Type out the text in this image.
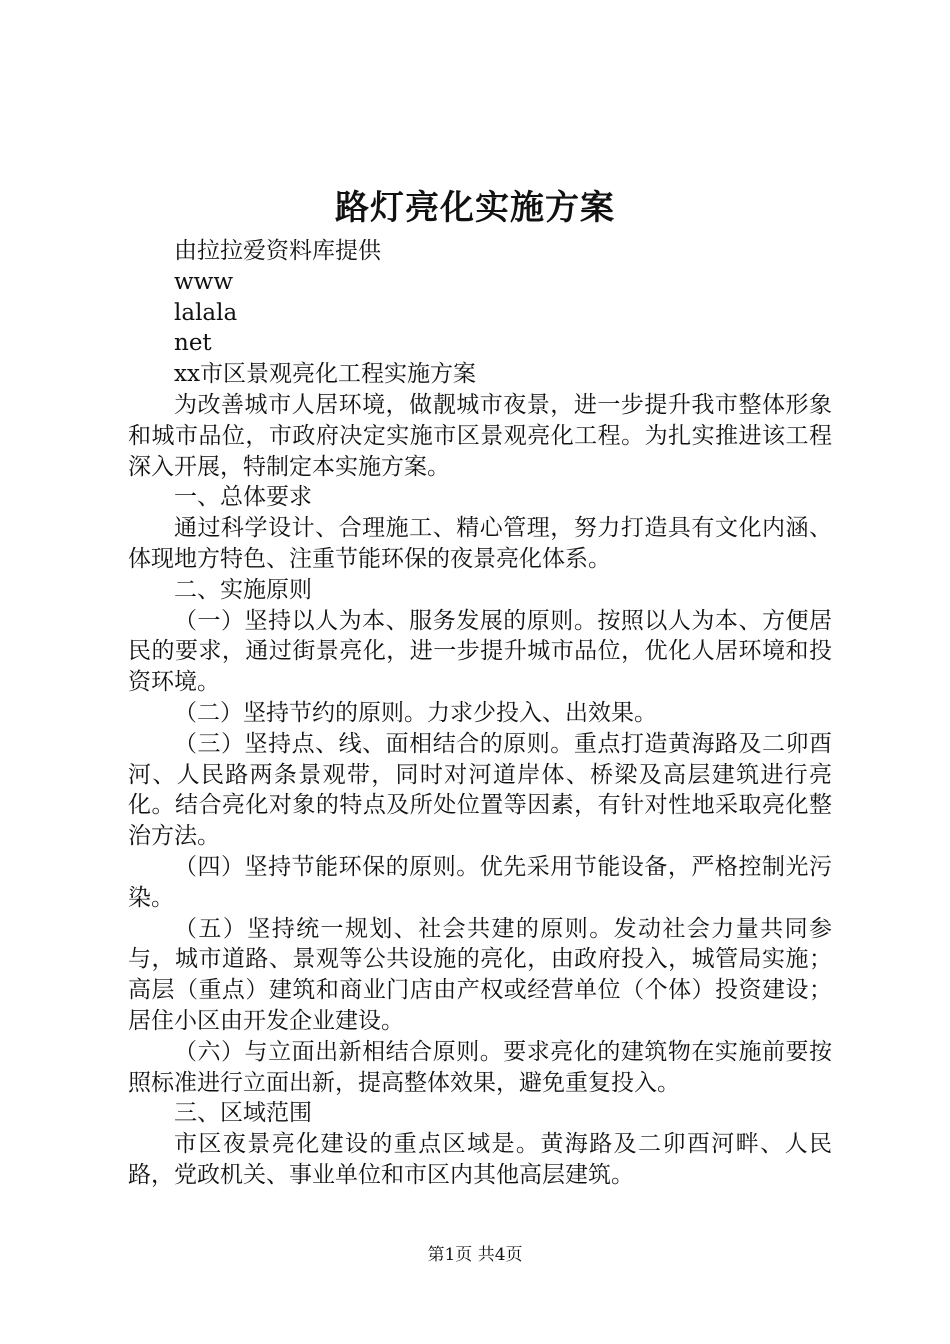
路灯亮化实施方案

由拉拉爱资料库提供

www

lalala

net

xx市区景观亮化工程实施方案

为改善城市人居环境，做靓城市夜景，进一步提升我市整体形象和城市品位，市政府决定实施市区景观亮化工程。为扎实推进该工程深入开展，特制定本实施方案。

一、总体要求

通过科学设计、合理施工、精心管理，努力打造具有文化内涵、体现地方特色、注重节能环保的夜景亮化体系。

二、实施原则

（一）坚持以人为本、服务发展的原则。按照以人为本、方便居民的要求，通过街景亮化，进一步提升城市品位，优化人居环境和投资环境。

（二）坚持节约的原则。力求少投入、出效果。

（三）坚持点、线、面相结合的原则。重点打造黄海路及二卯酉河、人民路两条景观带，同时对河道岸体、桥梁及高层建筑进行亮化。结合亮化对象的特点及所处位置等因素，有针对性地采取亮化整治方法。

（四）坚持节能环保的原则。优先采用节能设备，严格控制光污染。

（五）坚持统一规划、社会共建的原则。发动社会力量共同参与，城市道路、景观等公共设施的亮化，由政府投入，城管局实施；高层（重点）建筑和商业门店由产权或经营单位（个体）投资建设；居住小区由开发企业建设。

（六）与立面出新相结合原则。要求亮化的建筑物在实施前要按照标准进行立面出新，提高整体效果，避免重复投入。

三、区域范围

市区夜景亮化建设的重点区域是。黄海路及二卯酉河畔、人民路，党政机关、事业单位和市区内其他高层建筑。

第1页 共4页
